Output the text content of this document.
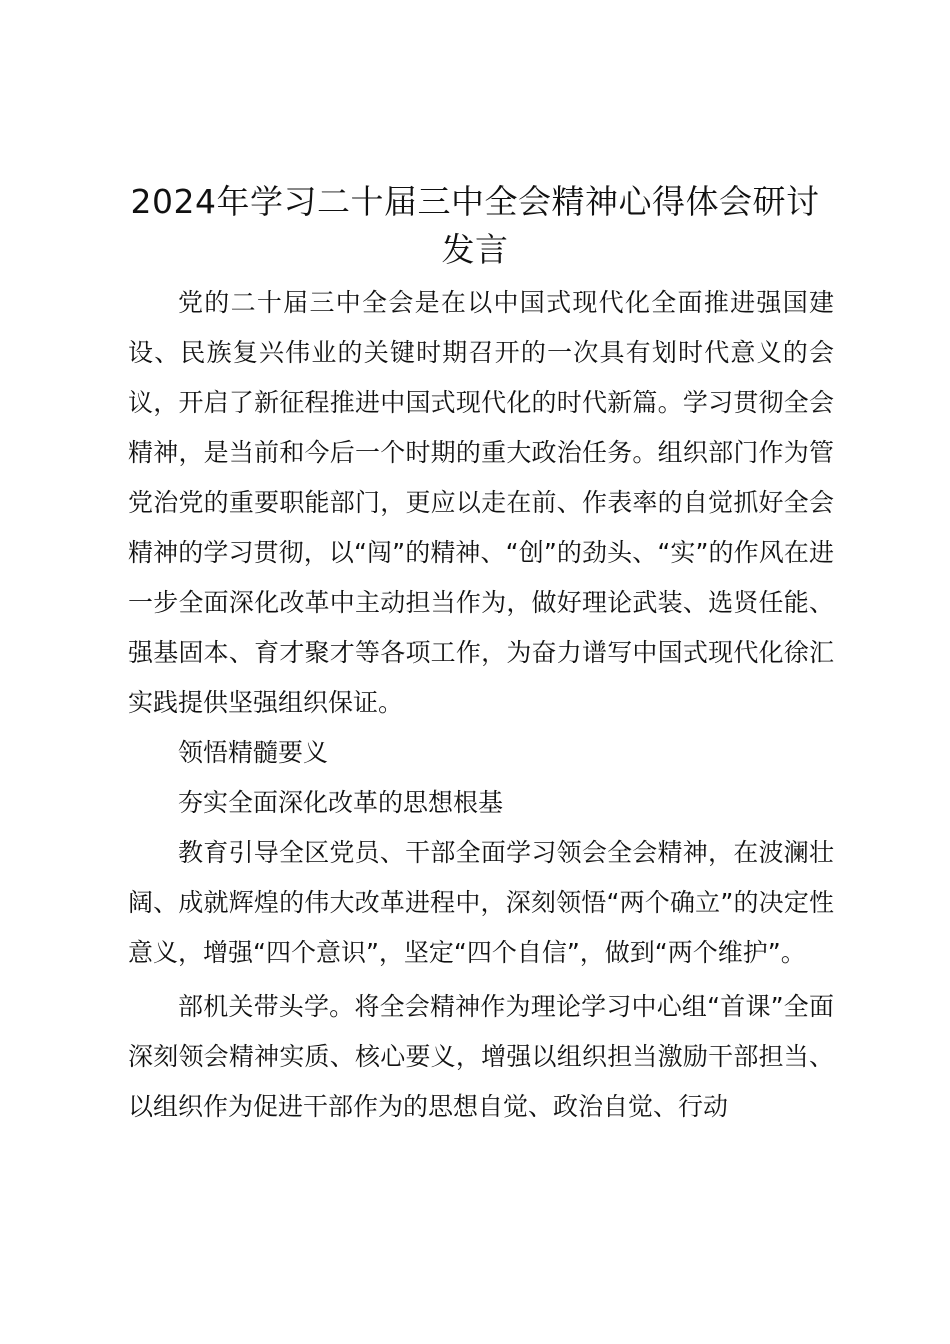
2024年学习二十届三中全会精神心得体会研讨发言

党的二十届三中全会是在以中国式现代化全面推进强国建设、民族复兴伟业的关键时期召开的一次具有划时代意义的会议，开启了新征程推进中国式现代化的时代新篇。学习贯彻全会精神，是当前和今后一个时期的重大政治任务。组织部门作为管党治党的重要职能部门，更应以走在前、作表率的自觉抓好全会精神的学习贯彻，以“闯”的精神、“创”的劲头、“实”的作风在进一步全面深化改革中主动担当作为，做好理论武装、选贤任能、强基固本、育才聚才等各项工作，为奋力谱写中国式现代化徐汇实践提供坚强组织保证。

领悟精髓要义

夯实全面深化改革的思想根基

教育引导全区党员、干部全面学习领会全会精神，在波澜壮阔、成就辉煌的伟大改革进程中，深刻领悟“两个确立”的决定性意义，增强“四个意识”，坚定“四个自信”，做到“两个维护”。

部机关带头学。将全会精神作为理论学习中心组“首课”全面深刻领会精神实质、核心要义，增强以组织担当激励干部担当、以组织作为促进干部作为的思想自觉、政治自觉、行动
